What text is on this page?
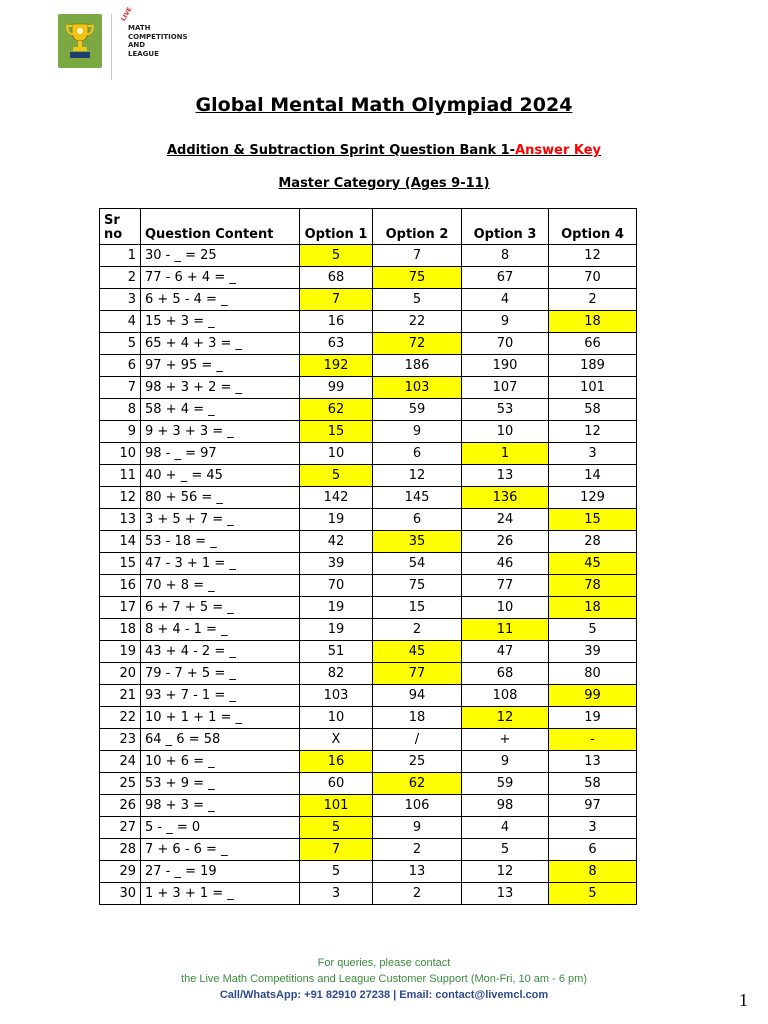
LIVE
MATH
COMPETITIONS
AND
LEAGUE
Global Mental Math Olympiad 2024
Addition & Subtraction Sprint Question Bank 1-Answer Key
Master Category (Ages 9-11)
Sr no	Question Content	Option 1	Option 2	Option 3	Option 4
1	30 - _ = 25	5	7	8	12
2	77 - 6 + 4 = _	68	75	67	70
3	6 + 5 - 4 = _	7	5	4	2
4	15 + 3 = _	16	22	9	18
5	65 + 4 + 3 = _	63	72	70	66
6	97 + 95 = _	192	186	190	189
7	98 + 3 + 2 = _	99	103	107	101
8	58 + 4 = _	62	59	53	58
9	9 + 3 + 3 = _	15	9	10	12
10	98 - _ = 97	10	6	1	3
11	40 + _ = 45	5	12	13	14
12	80 + 56 = _	142	145	136	129
13	3 + 5 + 7 = _	19	6	24	15
14	53 - 18 = _	42	35	26	28
15	47 - 3 + 1 = _	39	54	46	45
16	70 + 8 = _	70	75	77	78
17	6 + 7 + 5 = _	19	15	10	18
18	8 + 4 - 1 = _	19	2	11	5
19	43 + 4 - 2 = _	51	45	47	39
20	79 - 7 + 5 = _	82	77	68	80
21	93 + 7 - 1 = _	103	94	108	99
22	10 + 1 + 1 = _	10	18	12	19
23	64 _ 6 = 58	X	/	+	-
24	10 + 6 = _	16	25	9	13
25	53 + 9 = _	60	62	59	58
26	98 + 3 = _	101	106	98	97
27	5 - _ = 0	5	9	4	3
28	7 + 6 - 6 = _	7	2	5	6
29	27 - _ = 19	5	13	12	8
30	1 + 3 + 1 = _	3	2	13	5
For queries, please contact
the Live Math Competitions and League Customer Support (Mon-Fri, 10 am - 6 pm)
Call/WhatsApp: +91 82910 27238 | Email: contact@livemcl.com	1
